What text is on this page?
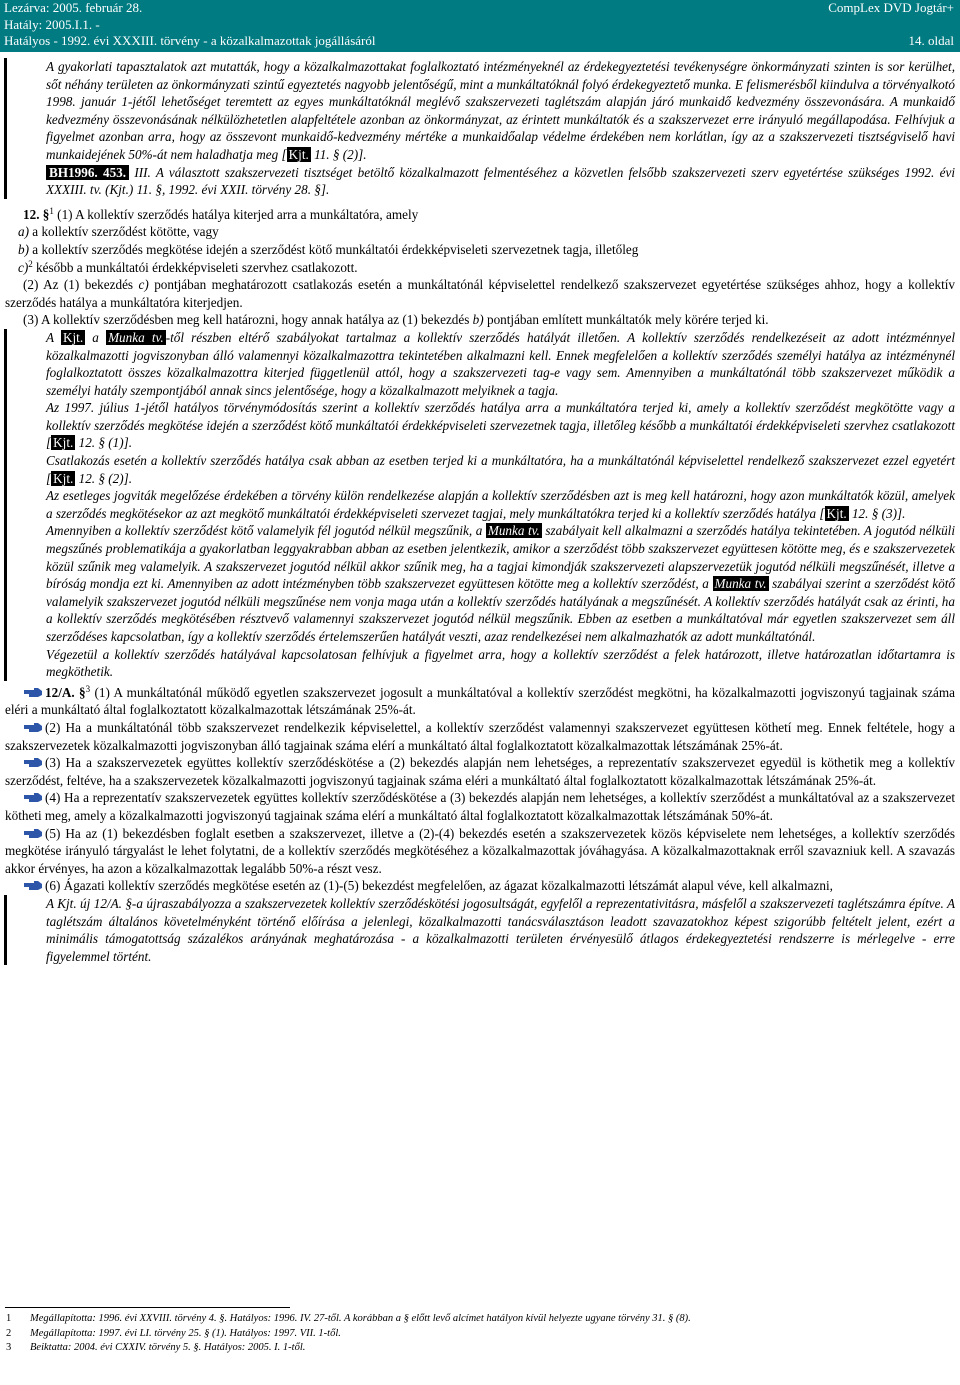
Lezárva: 2005. február 28.	CompLex DVD Jogtár+
Hatály: 2005.I.1. -
Hatályos - 1992. évi XXXIII. törvény - a közalkalmazottak jogállásáról	14. oldal

A gyakorlati tapasztalatok azt mutatták, hogy a közalkalmazottakat foglalkoztató intézményeknél az érdekegyeztetési tevékenységre önkormányzati szinten is sor kerülhet, sőt néhány területen az önkormányzati szintű egyeztetés nagyobb jelentőségű, mint a munkáltatóknál folyó érdekegyeztető munka. E felismerésből kiindulva a törvényalkotó 1998. január 1-jétől lehetőséget teremtett az egyes munkáltatóknál meglévő szakszervezeti taglétszám alapján járó munkaidő kedvezmény összevonására. A munkaidő kedvezmény összevonásának nélkülözhetetlen alapfeltétele azonban az önkormányzat, az érintett munkáltatók és a szakszervezet erre irányuló megállapodása. Felhívjuk a figyelmet azonban arra, hogy az összevont munkaidő-kedvezmény mértéke a munkaidőalap védelme érdekében nem korlátlan, így az a szakszervezeti tisztségviselő havi munkaidejének 50%-át nem haladhatja meg [ Kjt. 11. § (2)].
BH1996. 453. III. A választott szakszervezeti tisztséget betöltő közalkalmazott felmentéséhez a közvetlen felsőbb szakszervezeti szerv egyetértése szükséges 1992. évi XXXIII. tv. (Kjt.) 11. §, 1992. évi XXII. törvény 28. §].

12. §$^1$ (1) A kollektív szerződés hatálya kiterjed arra a munkáltatóra, amely

a) a kollektív szerződést kötötte, vagy

b) a kollektív szerződés megkötése idején a szerződést kötő munkáltatói érdekképviseleti szervezetnek tagja, illetőleg

c)$^2$ később a munkáltatói érdekképviseleti szervhez csatlakozott.

(2) Az (1) bekezdés c) pontjában meghatározott csatlakozás esetén a munkáltatónál képviselettel rendelkező szakszervezet egyetértése szükséges ahhoz, hogy a kollektív szerződés hatálya a munkáltatóra kiterjedjen.

(3) A kollektív szerződésben meg kell határozni, hogy annak hatálya az (1) bekezdés b) pontjában említett munkáltatók mely körére terjed ki.

A Kjt. a Munka tv. -től részben eltérő szabályokat tartalmaz a kollektív szerződés hatályát illetően. A kollektív szerződés rendelkezéseit az adott intézménnyel közalkalmazotti jogviszonyban álló valamennyi közalkalmazottra tekintetében alkalmazni kell. Ennek megfelelően a kollektív szerződés személyi hatálya az intézménynél foglalkoztatott összes közalkalmazottra kiterjed függetlenül attól, hogy a szakszervezeti tag-e vagy sem. Amennyiben a munkáltatónál több szakszervezet működik a személyi hatály szempontjából annak sincs jelentősége, hogy a közalkalmazott melyiknek a tagja.

Az 1997. július 1-jétől hatályos törvénymódosítás szerint a kollektív szerződés hatálya arra a munkáltatóra terjed ki, amely a kollektív szerződést megkötötte vagy a kollektív szerződés megkötése idején a szerződést kötő munkáltatói érdekképviseleti szervezetnek tagja, illetőleg később a munkáltatói érdekképviseleti szervhez csatlakozott [ Kjt. 12. § (1)].

Csatlakozás esetén a kollektív szerződés hatálya csak abban az esetben terjed ki a munkáltatóra, ha a munkáltatónál képviselettel rendelkező szakszervezet ezzel egyetért [ Kjt. 12. § (2)].

Az esetleges jogviták megelőzése érdekében a törvény külön rendelkezése alapján a kollektív szerződésben azt is meg kell határozni, hogy azon munkáltatók közül, amelyek a szerződés megkötésekor az azt megkötő munkáltatói érdekképviseleti szervezet tagjai, mely munkáltatókra terjed ki a kollektív szerződés hatálya [ Kjt. 12. § (3)].

Amennyiben a kollektív szerződést kötő valamelyik fél jogutód nélkül megszűnik, a Munka tv. szabályait kell alkalmazni a szerződés hatálya tekintetében. A jogutód nélküli megszűnés problematikája a gyakorlatban leggyakrabban abban az esetben jelentkezik, amikor a szerződést több szakszervezet együttesen kötötte meg, és e szakszervezetek közül szűnik meg valamelyik. A szakszervezet jogutód nélkül akkor szűnik meg, ha a tagjai kimondják szakszervezeti alapszervezetük jogutód nélküli megszűnését, illetve a bíróság mondja ezt ki. Amennyiben az adott intézményben több szakszervezet együttesen kötötte meg a kollektív szerződést, a Munka tv. szabályai szerint a szerződést kötő valamelyik szakszervezet jogutód nélküli megszűnése nem vonja maga után a kollektív szerződés hatályának a megszűnését. A kollektív szerződés hatályát csak az érinti, ha a kollektív szerződés megkötésében résztvevő valamennyi szakszervezet jogutód nélkül megszűnik. Ebben az esetben a munkáltatóval már egyetlen szakszervezet sem áll szerződéses kapcsolatban, így a kollektív szerződés értelemszerűen hatályát veszti, azaz rendelkezései nem alkalmazhatók az adott munkáltatónál.

Végezetül a kollektív szerződés hatályával kapcsolatosan felhívjuk a figyelmet arra, hogy a kollektív szerződést a felek határozott, illetve határozatlan időtartamra is megköthetik.

12/A. §$^3$ (1) A munkáltatónál működő egyetlen szakszervezet jogosult a munkáltatóval a kollektív szerződést megkötni, ha közalkalmazotti jogviszonyú tagjainak száma eléri a munkáltató által foglalkoztatott közalkalmazottak létszámának 25%-át.

(2) Ha a munkáltatónál több szakszervezet rendelkezik képviselettel, a kollektív szerződést valamennyi szakszervezet együttesen köthetí meg. Ennek feltétele, hogy a szakszervezetek közalkalmazotti jogviszonyban álló tagjainak száma elérí a munkáltató által foglalkoztatott közalkalmazottak létszámának 25%-át.

(3) Ha a szakszervezetek együttes kollektív szerződéskötése a (2) bekezdés alapján nem lehetséges, a reprezentatív szakszervezet egyedül is köthetik meg a kollektív szerződést, feltéve, ha a szakszervezetek közalkalmazotti jogviszonyú tagjainak száma eléri a munkáltató által foglalkoztatott közalkalmazottak létszámának 25%-át.

(4) Ha a reprezentatív szakszervezetek együttes kollektív szerződéskötése a (3) bekezdés alapján nem lehetséges, a kollektív szerződést a munkáltatóval az a szakszervezet kötheti meg, amely a közalkalmazotti jogviszonyú tagjainak száma elérí a munkáltató által foglalkoztatott közalkalmazottak létszámának 50%-át.

(5) Ha az (1) bekezdésben foglalt esetben a szakszervezet, illetve a (2)-(4) bekezdés esetén a szakszervezetek közös képviselete nem lehetséges, a kollektív szerződés megkötése irányuló tárgyalást le lehet folytatni, de a kollektív szerződés megkötéséhez a közalkalmazottak jóváhagyása. A közalkalmazottaknak erről szavazniuk kell. A szavazás akkor érvényes, ha azon a közalkalmazottak legalább 50%-a részt vesz.

(6) Ágazati kollektív szerződés megkötése esetén az (1)-(5) bekezdést megfelelően, az ágazat közalkalmazotti létszámát alapul véve, kell alkalmazni,

A Kjt. új 12/A. §-a újraszabályozza a szakszervezetek kollektív szerződéskötési jogosultságát, egyfelől a reprezentativitásra, másfelől a szakszervezeti taglétszámra építve. A taglétszám általános követelményként történő előírása a jelenlegi, közalkalmazotti tanácsválasztáson leadott szavazatokhoz képest szigorúbb feltételt jelent, ezért a minimális támogatottság százalékos arányának meghatározása - a közalkalmazotti területen érvényesülő átlagos érdekegyeztetési rendszerre is mérlegelve - erre figyelemmel történt.

1 Megállapította: 1996. évi XXVIII. törvény 4. §. Hatályos: 1996. IV. 27-től. A korábban a § előtt levő alcímet hatályon kívül helyezte ugyane törvény 31. § (8).
2 Megállapította: 1997. évi LI. törvény 25. § (1). Hatályos: 1997. VII. 1-től.
3 Beiktatta: 2004. évi CXXIV. törvény 5. §. Hatályos: 2005. I. 1-től.
